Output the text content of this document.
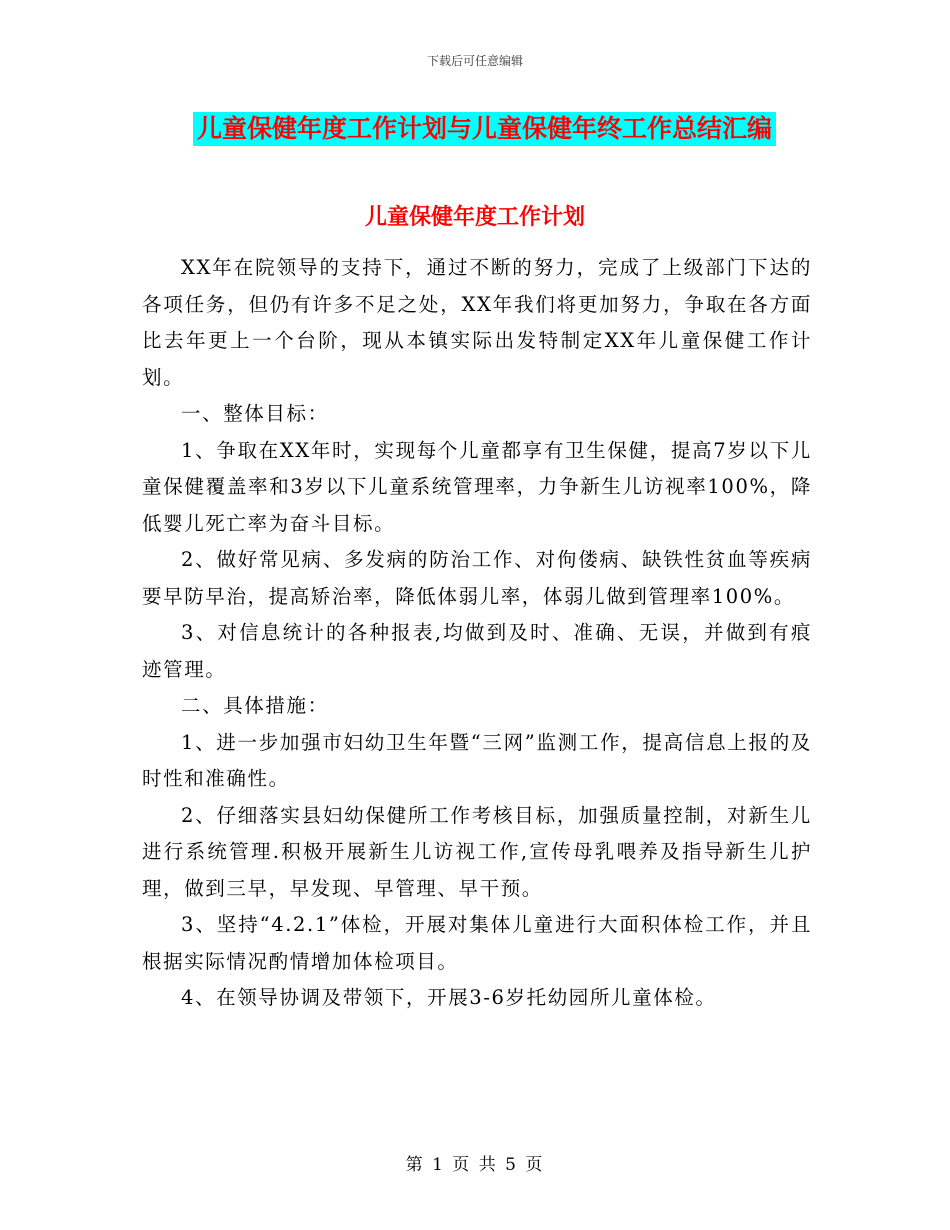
下载后可任意编辑
儿童保健年度工作计划与儿童保健年终工作总结汇编
儿童保健年度工作计划

XX年在院领导的支持下，通过不断的努力，完成了上级部门下达的各项任务，但仍有许多不足之处，XX年我们将更加努力，争取在各方面比去年更上一个台阶，现从本镇实际出发特制定XX年儿童保健工作计划。

一、整体目标：

1、争取在XX年时，实现每个儿童都享有卫生保健，提高7岁以下儿童保健覆盖率和3岁以下儿童系统管理率，力争新生儿访视率100%，降低婴儿死亡率为奋斗目标。

2、做好常见病、多发病的防治工作、对佝偻病、缺铁性贫血等疾病要早防早治，提高矫治率，降低体弱儿率，体弱儿做到管理率100%。

3、对信息统计的各种报表,均做到及时、准确、无误，并做到有痕迹管理。

二、具体措施：

1、进一步加强市妇幼卫生年暨“三网”监测工作，提高信息上报的及时性和准确性。

2、仔细落实县妇幼保健所工作考核目标，加强质量控制，对新生儿进行系统管理.积极开展新生儿访视工作,宣传母乳喂养及指导新生儿护理，做到三早，早发现、早管理、早干预。

3、坚持“4.2.1”体检，开展对集体儿童进行大面积体检工作，并且根据实际情况酌情增加体检项目。

4、在领导协调及带领下，开展3-6岁托幼园所儿童体检。

第 1 页 共 5 页
